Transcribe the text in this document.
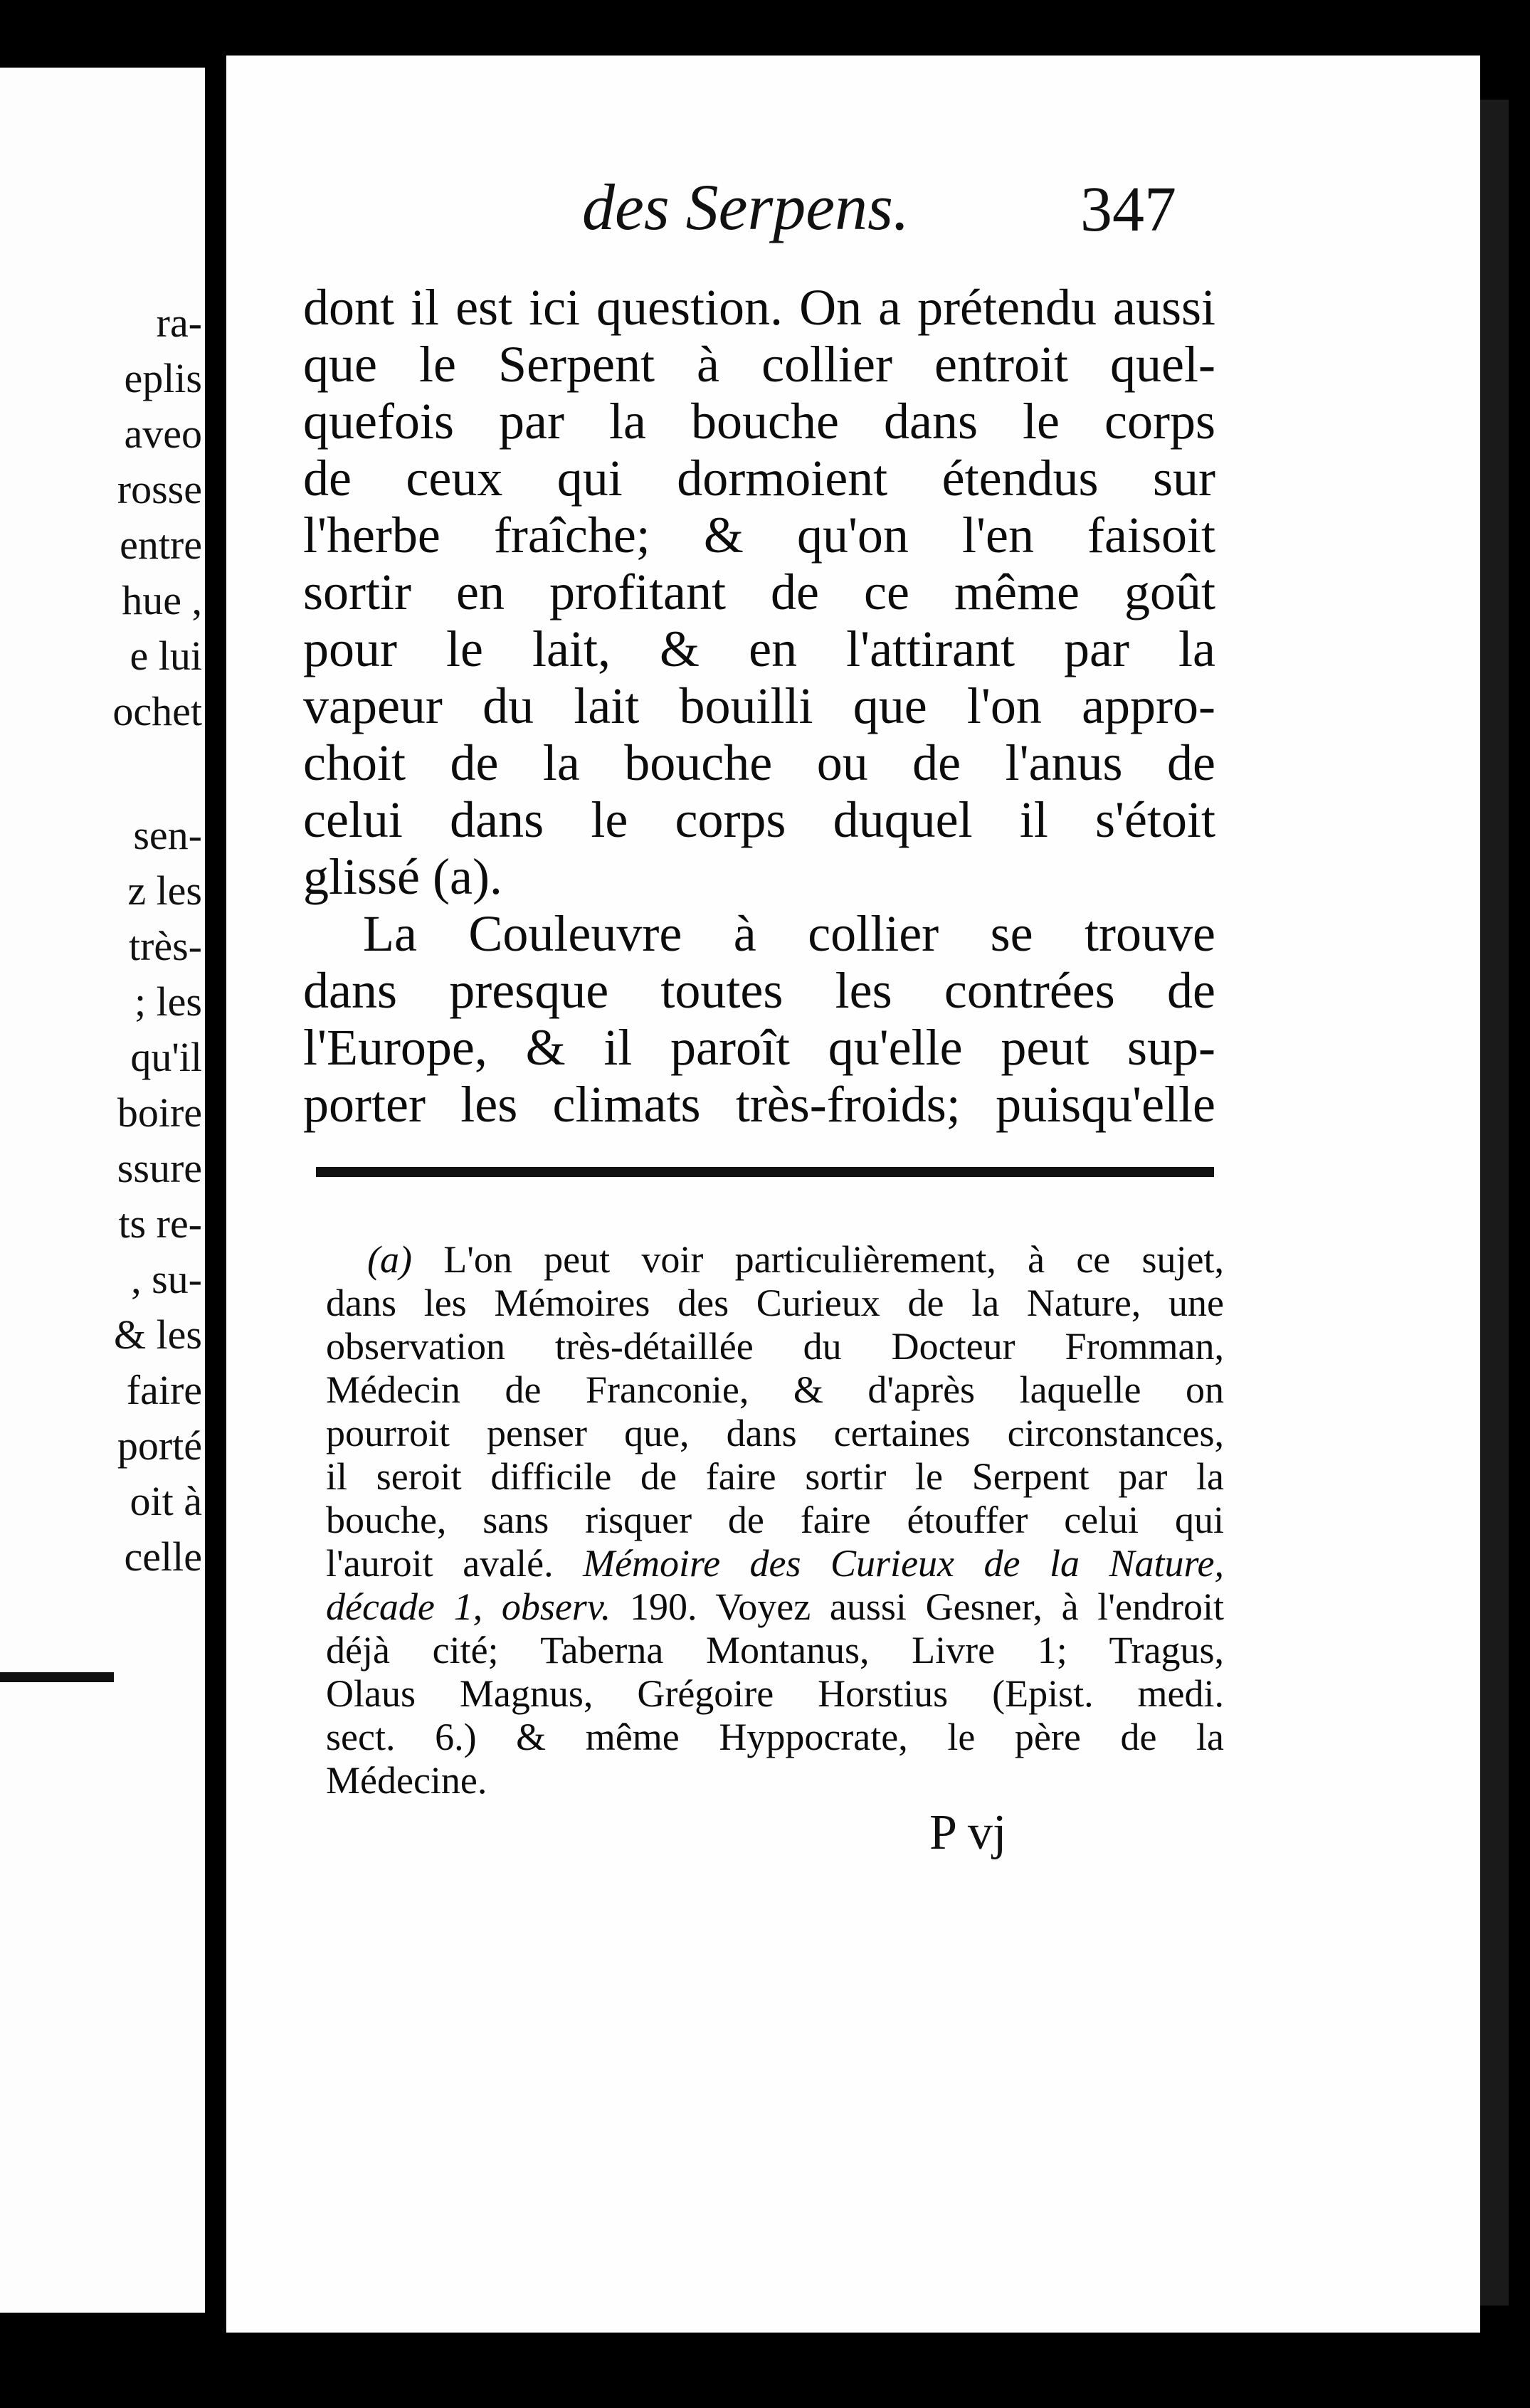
ra-
eplis
aveo
rosse
entre
hue ,
e lui
ochet
sen-
z les
très-
; les
qu'il
boire
ssure
ts re-
, su-
& les
faire
porté
oit à
celle
des Serpens.	347
dont il est ici question. On a prétendu aussi
que le Serpent à collier entroit quel-
quefois par la bouche dans le corps
de ceux qui dormoient étendus sur
l'herbe fraîche; & qu'on l'en faisoit
sortir en profitant de ce même goût
pour le lait, & en l'attirant par la
vapeur du lait bouilli que l'on appro-
choit de la bouche ou de l'anus de
celui dans le corps duquel il s'étoit
glissé (a).
La Couleuvre à collier se trouve
dans presque toutes les contrées de
l'Europe, & il paroît qu'elle peut sup-
porter les climats très-froids; puisqu'elle
(a) L'on peut voir particulièrement, à ce sujet,
dans les Mémoires des Curieux de la Nature, une
observation très-détaillée du Docteur Fromman,
Médecin de Franconie, & d'après laquelle on
pourroit penser que, dans certaines circonstances,
il seroit difficile de faire sortir le Serpent par la
bouche, sans risquer de faire étouffer celui qui
l'auroit avalé. Mémoire des Curieux de la Nature,
décade 1, observ. 190. Voyez aussi Gesner, à l'endroit
déjà cité; Taberna Montanus, Livre 1; Tragus,
Olaus Magnus, Grégoire Horstius (Epist. medi.
sect. 6.) & même Hyppocrate, le père de la
Médecine.
P vj
